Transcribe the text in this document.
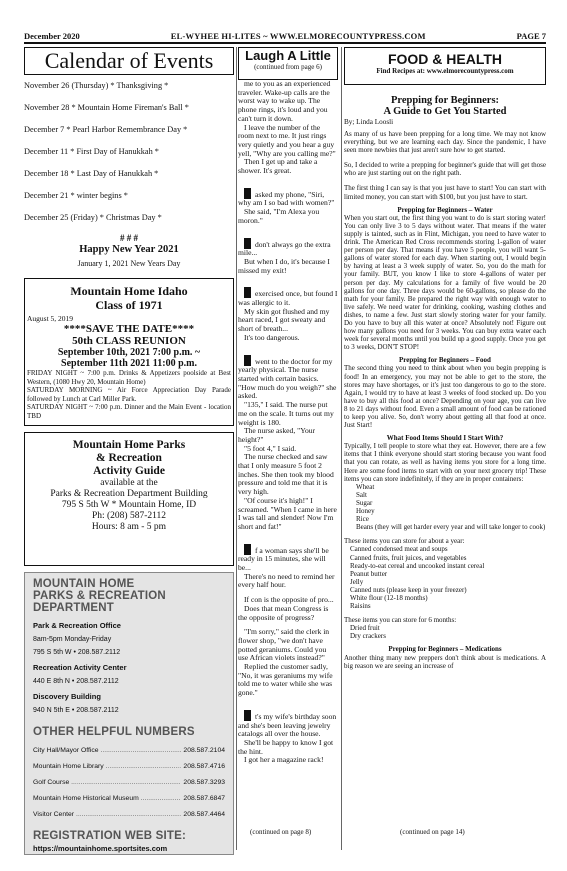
December 2020	EL-WYHEE HI-LITES ~ WWW.ELMORECOUNTYPRESS.COM	PAGE 7
Calendar of Events
November 26 (Thursday) * Thanksgiving *
November 28 * Mountain Home Fireman's Ball *
December 7 * Pearl Harbor Remembrance Day *
December 11 * First Day of Hanukkah *
December 18 * Last Day of Hanukkah *
December 21 * winter begins *
December 25 (Friday) * Christmas Day *
# # #
Happy New Year 2021
January 1, 2021 New Years Day
Mountain Home Idaho
Class of 1971
August 5, 2019
****SAVE THE DATE****
50th CLASS REUNION
September 10th, 2021 7:00 p.m. ~
September 11th 2021 11:00 p.m.
FRIDAY NIGHT ~ 7:00 p.m. Drinks & Appetizers poolside at Best Western, (1080 Hwy 20, Mountain Home)
SATURDAY MORNING ~ Air Force Appreciation Day Parade followed by Lunch at Carl Miller Park.
SATURDAY NIGHT ~ 7:00 p.m. Dinner and the Main Event - location TBD
Mountain Home Parks
& Recreation
Activity Guide
available at the
Parks & Recreation Department Building
795 S 5th W * Mountain Home, ID
Ph: (208) 587-2112
Hours: 8 am - 5 pm
MOUNTAIN HOME
PARKS & RECREATION
DEPARTMENT
Park & Recreation Office
8am-5pm Monday-Friday
795 S 5th W • 208.587.2112
Recreation Activity Center
440 E 8th N • 208.587.2112
Discovery Building
940 N 5th E • 208.587.2112
OTHER HELPFUL NUMBERS
City Hall/Mayor Office .....	208.587.2104
Mountain Home Library .....	208.587.4716
Golf Course .....	208.587.3293
Mountain Home Historical Museum .....	208.587.6847
Visitor Center .....	208.587.4464
REGISTRATION WEB SITE:
https://mountainhome.sportsites.com
Laugh A Little
(continued from page 6)

me to you as an experienced traveler. Wake-up calls are the worst way to wake up. The phone rings, it's loud and you can't turn it down.

I leave the number of the room next to me. It just rings very quietly and you hear a guy yell, "Why are you calling me?"

Then I get up and take a shower. It's great.

asked my phone, "Siri, why am I so bad with women?"

She said, "I'm Alexa you moron."

don't always go the extra mile...

But when I do, it's because I missed my exit!

exercised once, but found I was allergic to it.

My skin got flushed and my heart raced, I got sweaty and short of breath...

It's too dangerous.

went to the doctor for my yearly physical. The nurse started with certain basics. "How much do you weigh?" she asked.

"135," I said. The nurse put me on the scale. It turns out my weight is 180.

The nurse asked, "Your height?"

"5 foot 4," I said.

The nurse checked and saw that I only measure 5 foot 2 inches. She then took my blood pressure and told me that it is very high.

"Of course it's high!" I screamed. "When I came in here I was tall and slender! Now I'm short and fat!"

f a woman says she'll be ready in 15 minutes, she will be...

There's no need to remind her every half hour.

If con is the opposite of pro...

Does that mean Congress is the opposite of progress?

"I'm sorry," said the clerk in flower shop, "we don't have potted geraniums. Could you use African violets instead?"

Replied the customer sadly, "No, it was geraniums my wife told me to water while she was gone."

t's my wife's birthday soon and she's been leaving jewelry catalogs all over the house.

She'll be happy to know I got the hint.

I got her a magazine rack!

(continued on page 8)
FOOD & HEALTH
Find Recipes at: www.elmorecountypress.com
Prepping for Beginners:
A Guide to Get You Started
By; Linda Loosli

As many of us have been prepping for a long time. We may not know everything, but we are learning each day. Since the pandemic, I have seen more newbies that just aren't sure how to get started.

So, I decided to write a prepping for beginner's guide that will get those who are just starting out on the right path.

The first thing I can say is that you just have to start! You can start with limited money, you can start with $100, but you just have to start.

Prepping for Beginners – Water

When you start out, the first thing you want to do is start storing water! You can only live 3 to 5 days without water. That means if the water supply is tainted, such as in Flint, Michigan, you need to have water to drink. The American Red Cross recommends storing 1-gallon of water per person per day. That means if you have 5 people, you will want 5-gallons of water stored for each day. When starting out, I would begin by having at least a 3 week supply of water. So, you do the math for your family. BUT, you know I like to store 4-gallons of water per person per day. My calculations for a family of five would be 20 gallons for one day. Three days would be 60-gallons, so please do the math for your family. Be prepared the right way with enough water to live safely. We need water for drinking, cooking, washing clothes and dishes, to name a few. Just start slowly storing water for your family. Do you have to buy all this water at once? Absolutely not! Figure out how many gallons you need for 3 weeks. You can buy extra water each week for several months until you build up a good supply. Once you get to 3 weeks, DON'T STOP!

Prepping for Beginners – Food

The second thing you need to think about when you begin prepping is food! In an emergency, you may not be able to get to the store, the stores may have shortages, or it's just too dangerous to go to the store. Again, I would try to have at least 3 weeks of food stocked up. Do you have to buy all this food at once? Depending on your age, you can live 8 to 21 days without food. Even a small amount of food can be rationed to keep you alive. So, don't worry about getting all that food at once. Just Start!

What Food Items Should I Start With?

Typically, I tell people to store what they eat. However, there are a few items that I think everyone should start storing because you want food that you can rotate, as well as having items you store for a long time. Here are some food items to start with on your next grocery trip! These items you can store indefinitely, if they are in proper containers:

Wheat
Salt
Sugar
Honey
Rice

Beans (they will get harder every year and will take longer to cook)

These items you can store for about a year:

Canned condensed meat and soups
Canned fruits, fruit juices, and vegetables
Ready-to-eat cereal and uncooked instant cereal
Peanut butter
Jelly
Canned nuts (please keep in your freezer)
White flour (12-18 months)
Raisins

These items you can store for 6 months:

Dried fruit
Dry crackers
Prepping for Beginners – Medications

Another thing many new preppers don't think about is medications. A big reason we are seeing an increase of

(continued on page 14)
